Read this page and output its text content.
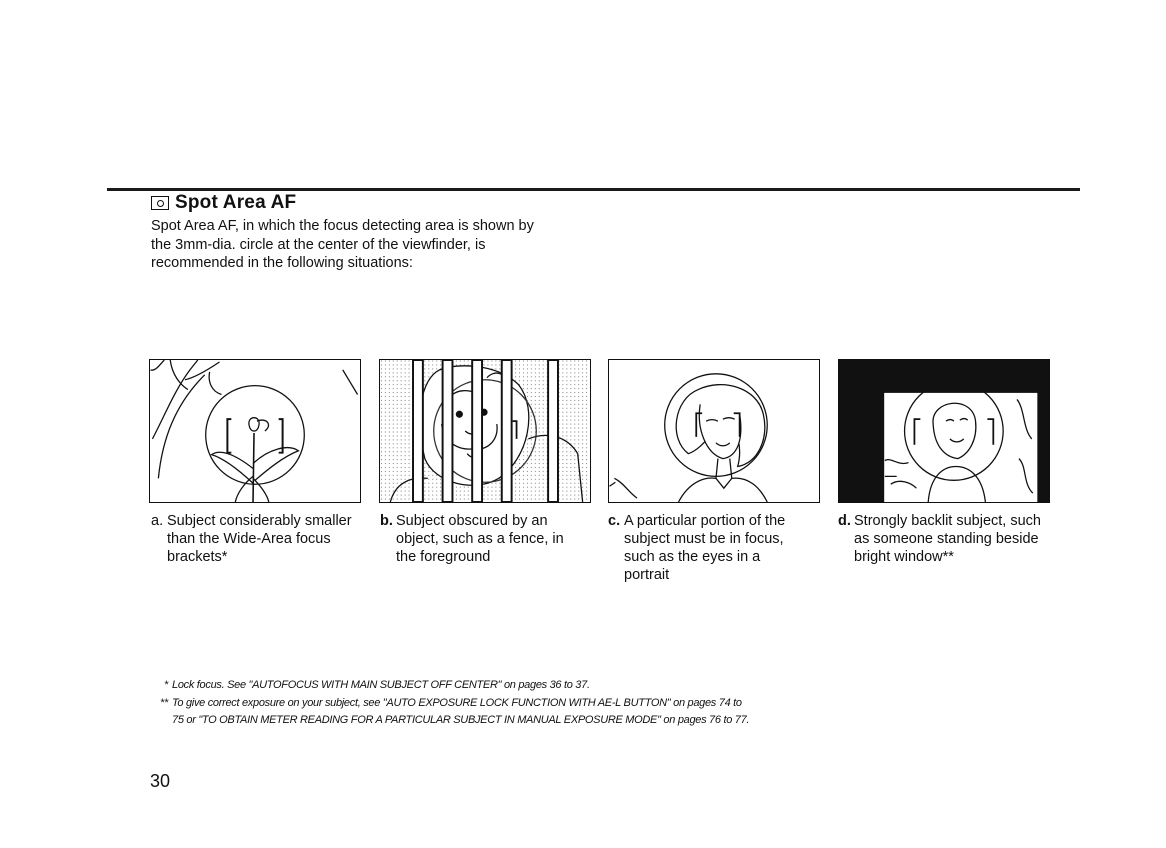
Spot Area AF
Spot Area AF, in which the focus detecting area is shown by
the 3mm-dia. circle at the center of the viewfinder, is
recommended in the following situations:
a. Subject considerably smaller than the Wide-Area focus brackets*
b. Subject obscured by an object, such as a fence, in the foreground
c. A particular portion of the subject must be in focus, such as the eyes in a portrait
d. Strongly backlit subject, such as someone standing beside bright window**
* Lock focus. See "AUTOFOCUS WITH MAIN SUBJECT OFF CENTER" on pages 36 to 37.
** To give correct exposure on your subject, see "AUTO EXPOSURE LOCK FUNCTION WITH AE-L BUTTON" on pages 74 to
75 or "TO OBTAIN METER READING FOR A PARTICULAR SUBJECT IN MANUAL EXPOSURE MODE" on pages 76 to 77.
30
